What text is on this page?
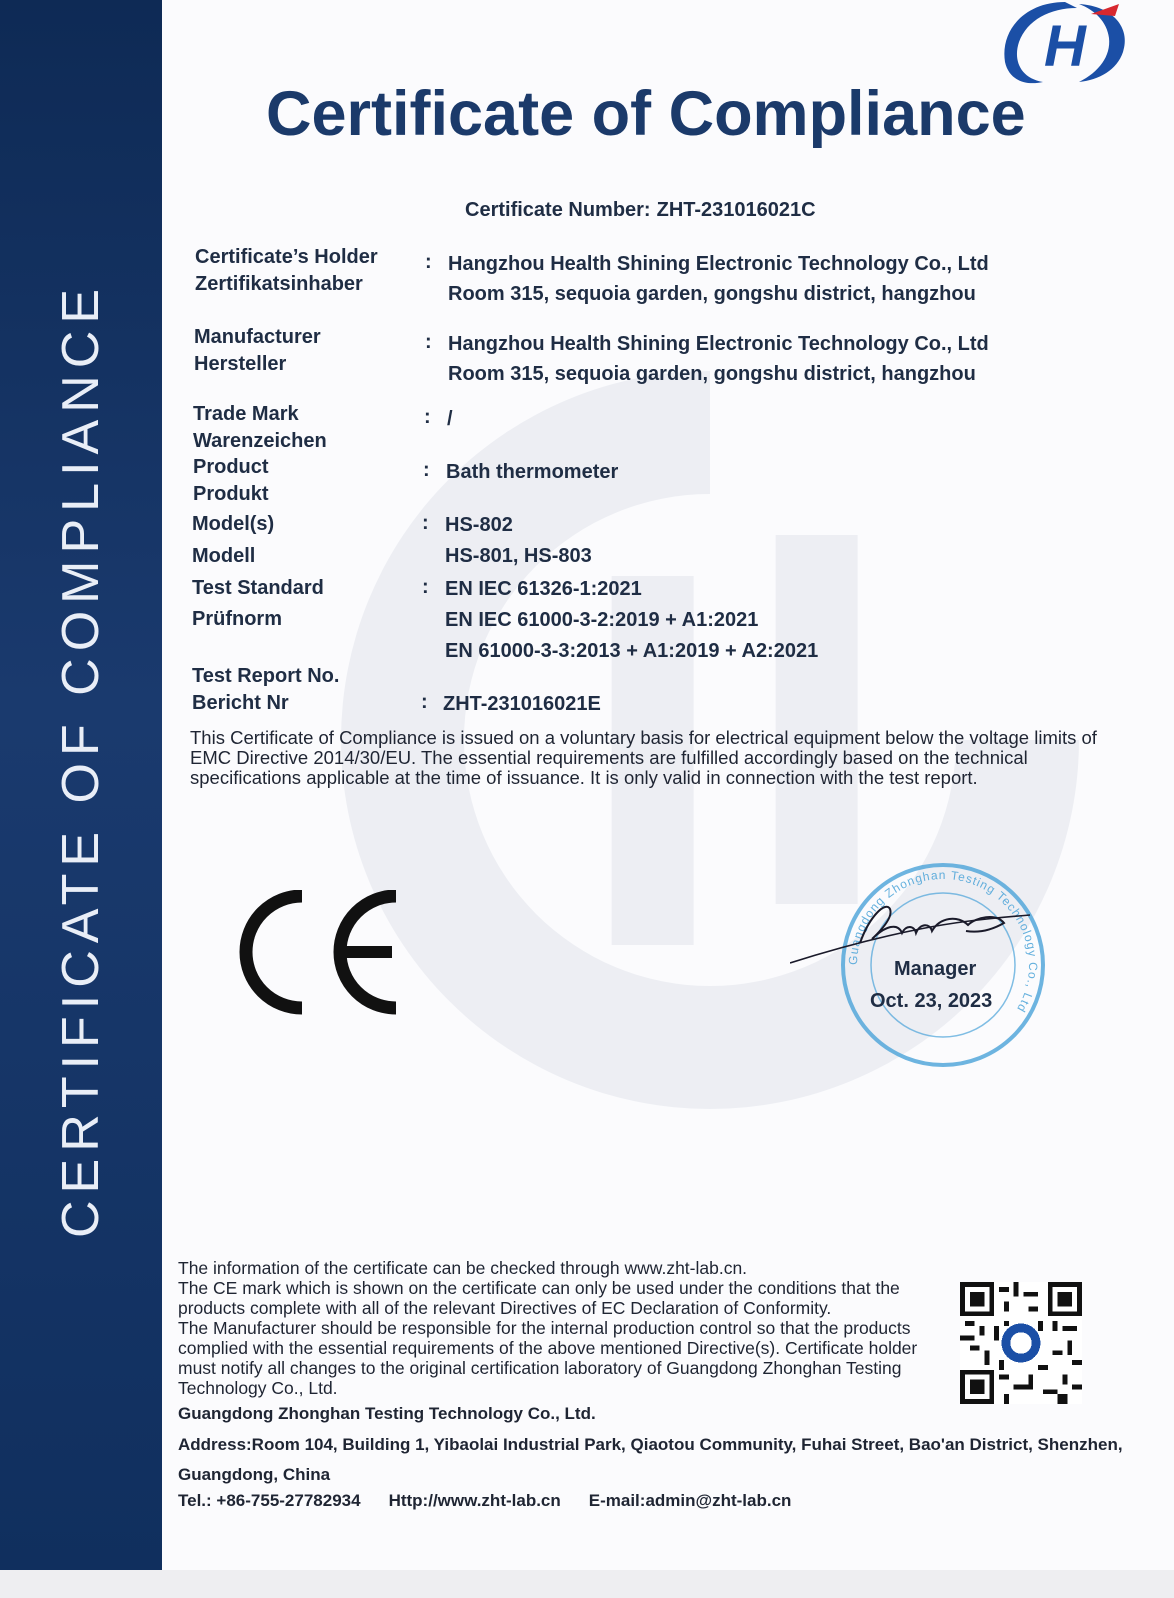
CERTIFICATE OF COMPLIANCE
H
Certificate of Compliance
Certificate Number: ZHT-231016021C
Certificate’s Holder
Zertifikatsinhaber
: Hangzhou Health Shining Electronic Technology Co., Ltd
Room 315, sequoia garden, gongshu district, hangzhou
Manufacturer
Hersteller
: Hangzhou Health Shining Electronic Technology Co., Ltd
Room 315, sequoia garden, gongshu district, hangzhou
Trade Mark
Warenzeichen
: /
Product
Produkt
: Bath thermometer
Model(s)
Modell
: HS-802
HS-801, HS-803
Test Standard
Prüfnorm
: EN IEC 61326-1:2021
EN IEC 61000-3-2:2019 + A1:2021
EN 61000-3-3:2013 + A1:2019 + A2:2021
Test Report No.
Bericht Nr	: ZHT-231016021E
This Certificate of Compliance is issued on a voluntary basis for electrical equipment below the voltage limits of EMC Directive 2014/30/EU. The essential requirements are fulfilled accordingly based on the technical specifications applicable at the time of issuance. It is only valid in connection with the test report.
Guangdong Zhonghan Testing Technology Co., Ltd
Manager
Oct. 23, 2023

The information of the certificate can be checked through www.zht-lab.cn.

The CE mark which is shown on the certificate can only be used under the conditions that the products complete with all of the relevant Directives of EC Declaration of Conformity.

The Manufacturer should be responsible for the internal production control so that the products complied with the essential requirements of the above mentioned Directive(s). Certificate holder must notify all changes to the original certification laboratory of Guangdong Zhonghan Testing Technology Co., Ltd.

Guangdong Zhonghan Testing Technology Co., Ltd.
Address:Room 104, Building 1, Yibaolai Industrial Park, Qiaotou Community, Fuhai Street, Bao'an District, Shenzhen, Guangdong, China
Tel.: +86-755-27782934 Http://www.zht-lab.cn E-mail:admin@zht-lab.cn
